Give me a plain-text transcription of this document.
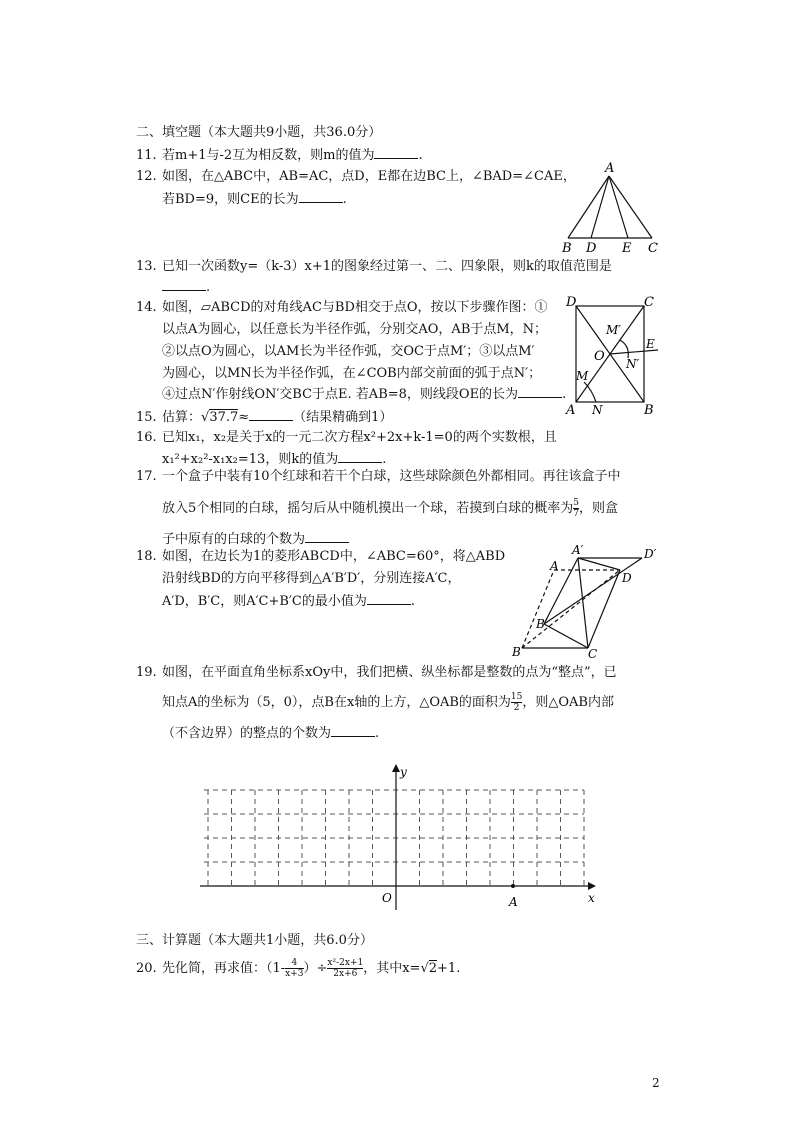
二、填空题（本大题共9小题，共36.0分）
11. 若m+1与-2互为相反数，则m的值为	.
12. 如图，在△ABC中，AB=AC，点D，E都在边BC上，∠BAD=∠CAE，
若BD=9，则CE的长为	.
A
B D E C
13. 已知一次函数y=（k-3）x+1的图象经过第一、二、四象限，则k的取值范围是
.
14. 如图，▱ABCD的对角线AC与BD相交于点O，按以下步骤作图：①
以点A为圆心，以任意长为半径作弧，分别交AO，AB于点M，N；
②以点O为圆心，以AM长为半径作弧，交OC于点M′；③以点M′
为圆心，以MN长为半径作弧，在∠COB内部交前面的弧于点N′；
④过点N′作射线ON′交BC于点E. 若AB=8，则线段OE的长为	.
D	C
A	B
O
M
N
M′
N′
E
15. 估算：√37.7≈	（结果精确到1）
16. 已知x₁，x₂是关于x的一元二次方程x²+2x+k-1=0的两个实数根，且
x₁²+x₂²-x₁x₂=13，则k的值为	.
17. 一个盒子中装有10个红球和若干个白球，这些球除颜色外都相同。再往该盒子中
放入5个相同的白球，摇匀后从中随机摸出一个球，若摸到白球的概率为 $\frac{5}{7}$ ，则盒
子中原有的白球的个数为
18. 如图，在边长为1的菱形ABCD中，∠ABC=60°，将△ABD
沿射线BD的方向平移得到△A′B′D′，分别连接A′C，
A′D，B′C，则A′C+B′C的最小值为	.
A′	D′
A
D
B′
B	C
19. 如图，在平面直角坐标系xOy中，我们把横、纵坐标都是整数的点为“整点”，已
知点A的坐标为（5，0），点B在x轴的上方，△OAB的面积为 $\frac{15}{2}$ ，则△OAB内部
（不含边界）的整点的个数为	.
x
y
O	A
三、计算题（本大题共1小题，共6.0分）
20. 先化简，再求值：（$1- \frac{4}{x+3}$ ）÷ $\frac{\text{x²-2x+1}}{2x+6}$ ，其中x=√2+1.
2
